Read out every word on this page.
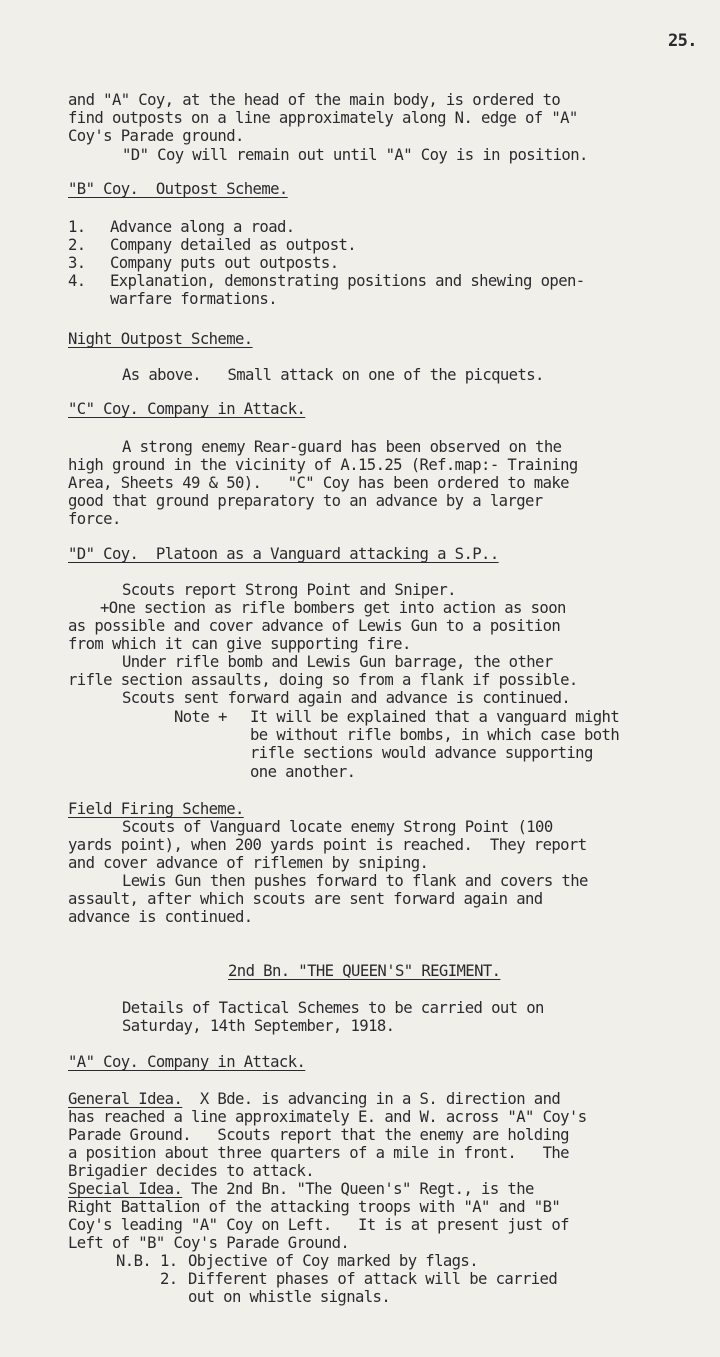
25.
and "A" Coy, at the head of the main body, is ordered to
find outposts on a line approximately along N. edge of "A"
Coy's Parade ground.
"D" Coy will remain out until "A" Coy is in position.
"B" Coy.  Outpost Scheme.
1. Advance along a road.
2. Company detailed as outpost.
3. Company puts out outposts.
4. Explanation, demonstrating positions and shewing open-
warfare formations.
Night Outpost Scheme.
As above.   Small attack on one of the picquets.
"C" Coy. Company in Attack.
A strong enemy Rear-guard has been observed on the
high ground in the vicinity of A.15.25 (Ref.map:- Training
Area, Sheets 49 & 50).   "C" Coy has been ordered to make
good that ground preparatory to an advance by a larger
force.
"D" Coy.  Platoon as a Vanguard attacking a S.P..
Scouts report Strong Point and Sniper.
+One section as rifle bombers get into action as soon
as possible and cover advance of Lewis Gun to a position
from which it can give supporting fire.
Under rifle bomb and Lewis Gun barrage, the other
rifle section assaults, doing so from a flank if possible.
Scouts sent forward again and advance is continued.
Note + It will be explained that a vanguard might
be without rifle bombs, in which case both
rifle sections would advance supporting
one another.
Field Firing Scheme.
Scouts of Vanguard locate enemy Strong Point (100
yards point), when 200 yards point is reached.  They report
and cover advance of riflemen by sniping.
Lewis Gun then pushes forward to flank and covers the
assault, after which scouts are sent forward again and
advance is continued.
2nd Bn. "THE QUEEN'S" REGIMENT.
Details of Tactical Schemes to be carried out on
Saturday, 14th September, 1918.
"A" Coy. Company in Attack.
General Idea.  X Bde. is advancing in a S. direction and
has reached a line approximately E. and W. across "A" Coy's
Parade Ground.   Scouts report that the enemy are holding
a position about three quarters of a mile in front.   The
Brigadier decides to attack.
Special Idea. The 2nd Bn. "The Queen's" Regt., is the
Right Battalion of the attacking troops with "A" and "B"
Coy's leading "A" Coy on Left.   It is at present just of
Left of "B" Coy's Parade Ground.
N.B. 1. Objective of Coy marked by flags.
2. Different phases of attack will be carried
out on whistle signals.
